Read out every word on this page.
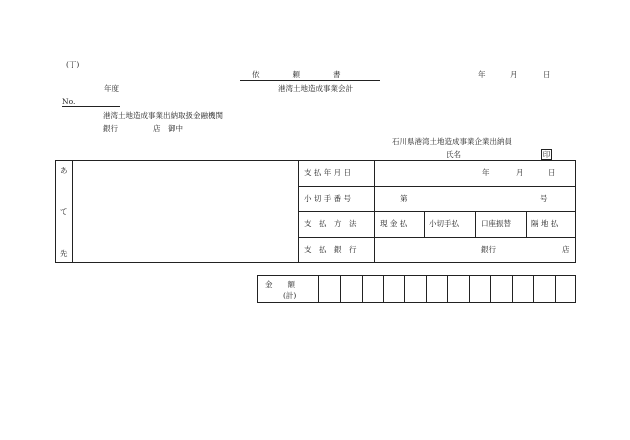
(丁)
依　　頼　　書	年	月	日
年度	港湾土地造成事業会計
No.
港湾土地造成事業出納取扱金融機関
銀行	店　御中
石川県港湾土地造成事業企業出納員
氏名	印
あ
て
先
支 払 年 月 日	年	月	日
小 切 手 番 号	第	号
支　払　方　法	現 金 払	小切手払	口座振替	隔 地 払
支　払　銀　行	銀行	店
金　　額
(計)
